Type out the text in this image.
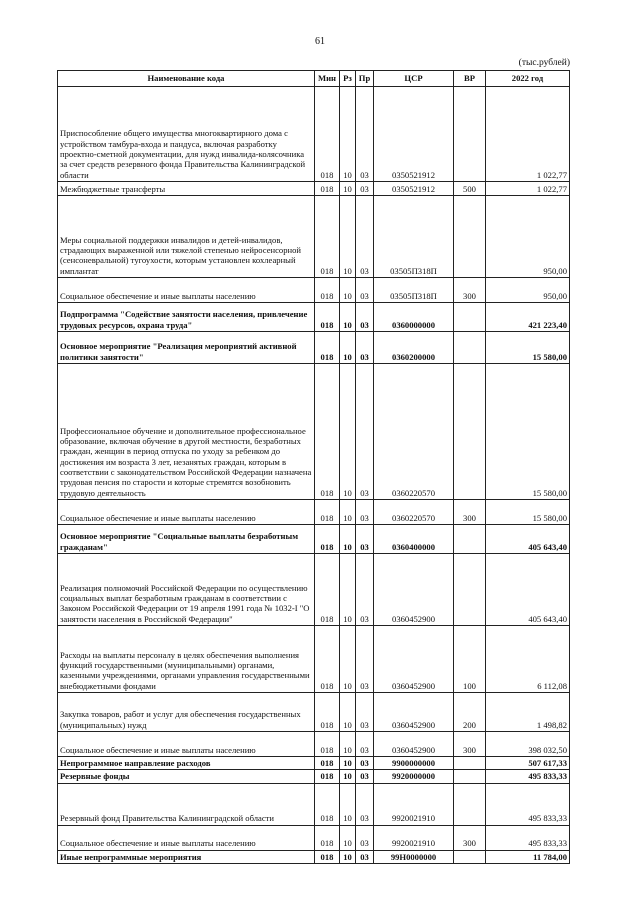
61
(тыс.рублей)
Наименование кода	Мин	Рз	Пр	ЦСР	ВР	2022 год
Приспособление общего имущества многоквартирного дома с устройством тамбура-входа и пандуса, включая разработку проектно-сметной документации, для нужд инвалида-колясочника за счет средств резервного фонда Правительства Калининградской области	018	10	03	0350521912		1 022,77
Межбюджетные трансферты	018	10	03	0350521912	500	1 022,77
Меры социальной поддержки инвалидов и детей-инвалидов, страдающих выраженной или тяжелой степенью нейросенсорной (сенсоневральной) тугоухости, которым установлен кохлеарный имплантат	018	10	03	03505П318П		950,00
Социальное обеспечение и иные выплаты населению	018	10	03	03505П318П	300	950,00
Подпрограмма "Содействие занятости населения, привлечение трудовых ресурсов, охрана труда"	018	10	03	0360000000		421 223,40
Основное мероприятие "Реализация мероприятий активной политики занятости"	018	10	03	0360200000		15 580,00
Профессиональное обучение и дополнительное профессиональное образование, включая обучение в другой местности, безработных граждан, женщин в период отпуска по уходу за ребенком до достижения им возраста 3 лет, незанятых граждан, которым в соответствии с законодательством Российской Федерации назначена трудовая пенсия по старости и которые стремятся возобновить трудовую деятельность	018	10	03	0360220570		15 580,00
Социальное обеспечение и иные выплаты населению	018	10	03	0360220570	300	15 580,00
Основное мероприятие "Социальные выплаты безработным гражданам"	018	10	03	0360400000		405 643,40
Реализация полномочий Российской Федерации по осуществлению социальных выплат безработным гражданам в соответствии с Законом Российской Федерации от 19 апреля 1991 года № 1032-I "О занятости населения в Российской Федерации"	018	10	03	0360452900		405 643,40
Расходы на выплаты персоналу в целях обеспечения выполнения функций государственными (муниципальными) органами, казенными учреждениями, органами управления государственными внебюджетными фондами	018	10	03	0360452900	100	6 112,08
Закупка товаров, работ и услуг для обеспечения государственных (муниципальных) нужд	018	10	03	0360452900	200	1 498,82
Социальное обеспечение и иные выплаты населению	018	10	03	0360452900	300	398 032,50
Непрограммное направление расходов	018	10	03	9900000000		507 617,33
Резервные фонды	018	10	03	9920000000		495 833,33
Резервный фонд Правительства Калининградской области	018	10	03	9920021910		495 833,33
Социальное обеспечение и иные выплаты населению	018	10	03	9920021910	300	495 833,33
Иные непрограммные мероприятия	018	10	03	99Н0000000		11 784,00
